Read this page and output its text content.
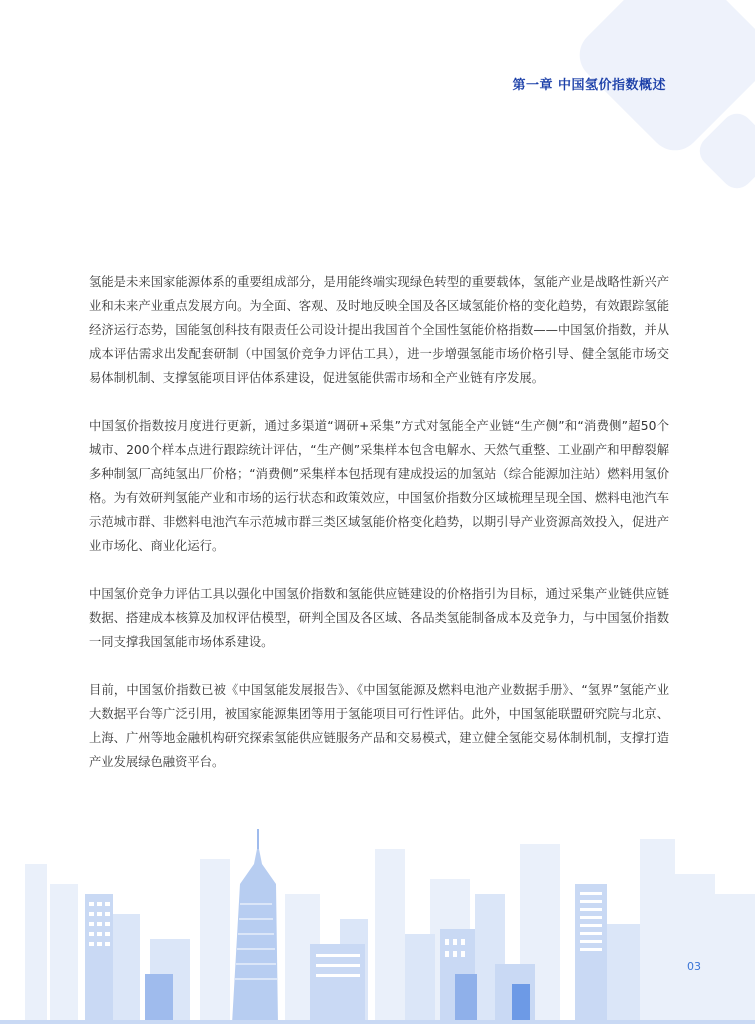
第一章 中国氢价指数概述

氢能是未来国家能源体系的重要组成部分，是用能终端实现绿色转型的重要载体，氢能产业是战略性新兴产业和未来产业重点发展方向。为全面、客观、及时地反映全国及各区域氢能价格的变化趋势，有效跟踪氢能经济运行态势，国能氢创科技有限责任公司设计提出我国首个全国性氢能价格指数——中国氢价指数，并从成本评估需求出发配套研制（中国氢价竞争力评估工具），进一步增强氢能市场价格引导、健全氢能市场交易体制机制、支撑氢能项目评估体系建设，促进氢能供需市场和全产业链有序发展。

中国氢价指数按月度进行更新，通过多渠道“调研+采集”方式对氢能全产业链“生产侧”和“消费侧”超50个城市、200个样本点进行跟踪统计评估，“生产侧”采集样本包含电解水、天然气重整、工业副产和甲醇裂解多种制氢厂高纯氢出厂价格；“消费侧”采集样本包括现有建成投运的加氢站（综合能源加注站）燃料用氢价格。为有效研判氢能产业和市场的运行状态和政策效应，中国氢价指数分区域梳理呈现全国、燃料电池汽车示范城市群、非燃料电池汽车示范城市群三类区域氢能价格变化趋势，以期引导产业资源高效投入，促进产业市场化、商业化运行。

中国氢价竞争力评估工具以强化中国氢价指数和氢能供应链建设的价格指引为目标，通过采集产业链供应链数据、搭建成本核算及加权评估模型，研判全国及各区域、各品类氢能制备成本及竞争力，与中国氢价指数一同支撑我国氢能市场体系建设。

目前，中国氢价指数已被《中国氢能发展报告》、《中国氢能源及燃料电池产业数据手册》、“氢界”氢能产业大数据平台等广泛引用，被国家能源集团等用于氢能项目可行性评估。此外，中国氢能联盟研究院与北京、上海、广州等地金融机构研究探索氢能供应链服务产品和交易模式，建立健全氢能交易体制机制，支撑打造产业发展绿色融资平台。

03
